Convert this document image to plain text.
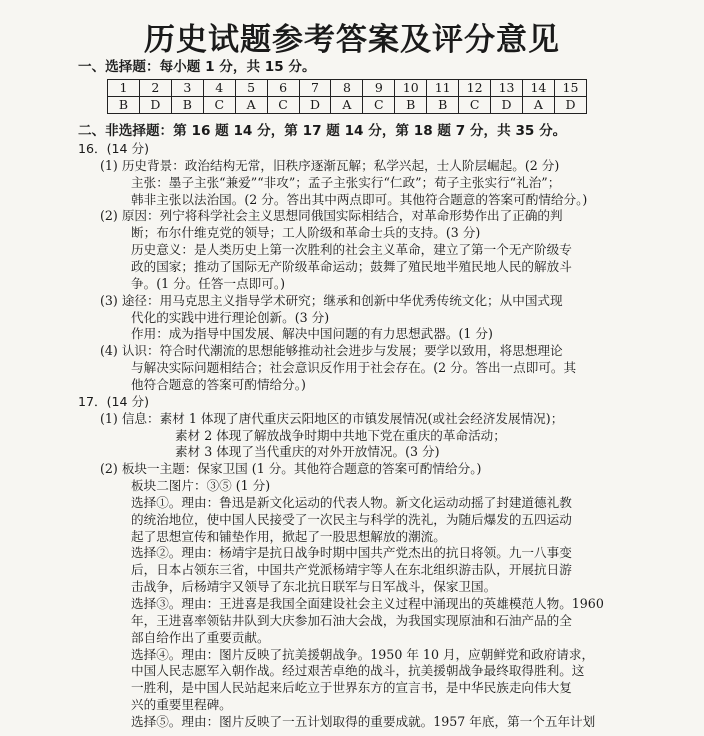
历史试题参考答案及评分意见
一、选择题：每小题 1 分，共 15 分。
1	2	3	4	5	6	7	8	9	10	11	12	13	14	15
B	D	B	C	A	C	D	A	C	B	B	C	D	A	D
二、非选择题：第 16 题 14 分，第 17 题 14 分，第 18 题 7 分，共 35 分。
16．(14 分)
(1) 历史背景：政治结构无常，旧秩序逐渐瓦解；私学兴起，士人阶层崛起。(2 分)
主张：墨子主张“兼爱”“非攻”；孟子主张实行“仁政”；荀子主张实行“礼治”；
韩非主张以法治国。(2 分。答出其中两点即可。其他符合题意的答案可酌情给分。)
(2) 原因：列宁将科学社会主义思想同俄国实际相结合，对革命形势作出了正确的判
断；布尔什维克党的领导；工人阶级和革命士兵的支持。(3 分)
历史意义：是人类历史上第一次胜利的社会主义革命，建立了第一个无产阶级专
政的国家；推动了国际无产阶级革命运动；鼓舞了殖民地半殖民地人民的解放斗
争。(1 分。任答一点即可。)
(3) 途径：用马克思主义指导学术研究；继承和创新中华优秀传统文化；从中国式现
代化的实践中进行理论创新。(3 分)
作用：成为指导中国发展、解决中国问题的有力思想武器。(1 分)
(4) 认识：符合时代潮流的思想能够推动社会进步与发展；要学以致用，将思想理论
与解决实际问题相结合；社会意识反作用于社会存在。(2 分。答出一点即可。其
他符合题意的答案可酌情给分。)
17．(14 分)
(1) 信息：素材 1 体现了唐代重庆云阳地区的市镇发展情况(或社会经济发展情况)；
素材 2 体现了解放战争时期中共地下党在重庆的革命活动；
素材 3 体现了当代重庆的对外开放情况。(3 分)
(2) 板块一主题：保家卫国 (1 分。其他符合题意的答案可酌情给分。)
板块二图片：③⑤ (1 分)
选择①。理由：鲁迅是新文化运动的代表人物。新文化运动动摇了封建道德礼教
的统治地位，使中国人民接受了一次民主与科学的洗礼，为随后爆发的五四运动
起了思想宣传和铺垫作用，掀起了一股思想解放的潮流。
选择②。理由：杨靖宇是抗日战争时期中国共产党杰出的抗日将领。九一八事变
后，日本占领东三省，中国共产党派杨靖宇等人在东北组织游击队，开展抗日游
击战争，后杨靖宇又领导了东北抗日联军与日军战斗，保家卫国。
选择③。理由：王进喜是我国全面建设社会主义过程中涌现出的英雄模范人物。1960
年，王进喜率领钻井队到大庆参加石油大会战，为我国实现原油和石油产品的全
部自给作出了重要贡献。
选择④。理由：图片反映了抗美援朝战争。1950 年 10 月，应朝鲜党和政府请求，
中国人民志愿军入朝作战。经过艰苦卓绝的战斗，抗美援朝战争最终取得胜利。这
一胜利，是中国人民站起来后屹立于世界东方的宣言书，是中华民族走向伟大复
兴的重要里程碑。
选择⑤。理由：图片反映了一五计划取得的重要成就。1957 年底，第一个五年计划
